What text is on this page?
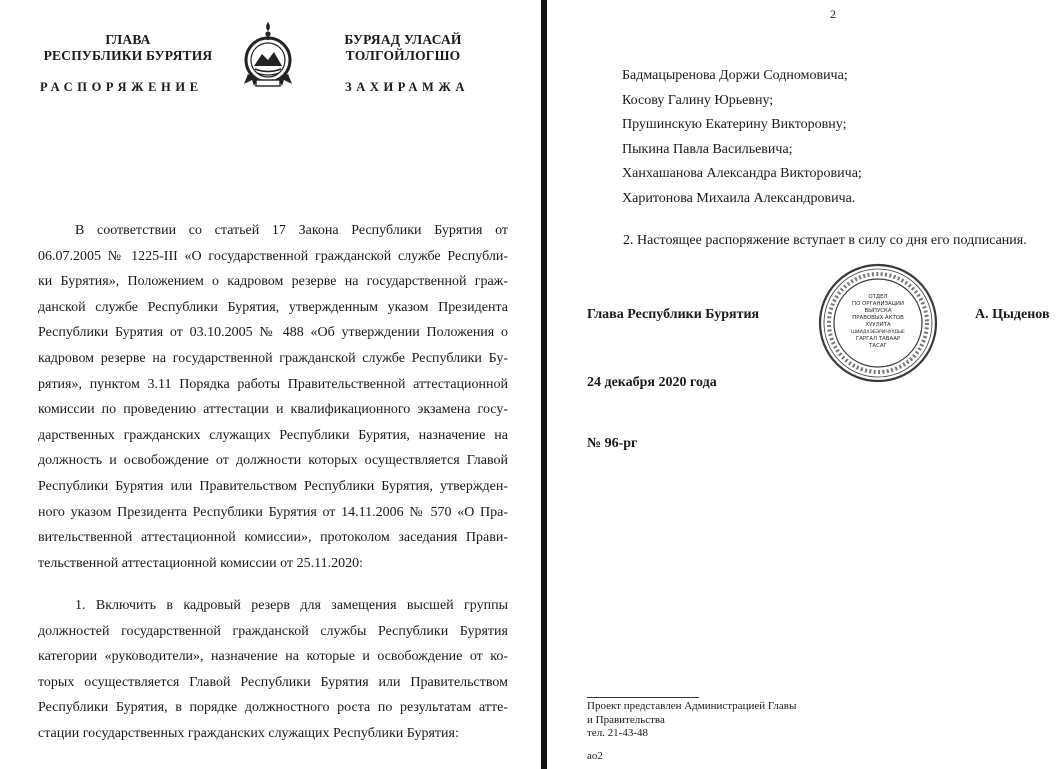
ГЛАВА
РЕСПУБЛИКИ БУРЯТИЯ
БУРЯАД УЛАСАЙ
ТОЛГОЙЛОГШО
РАСПОРЯЖЕНИЕ	ЗАХИРАМЖА
В соответствии со статьей 17 Закона Республики Бурятия от
06.07.2005 № 1225-III «О государственной гражданской службе Республи-
ки Бурятия», Положением о кадровом резерве на государственной граж-
данской службе Республики Бурятия, утвержденным указом Президента
Республики Бурятия от 03.10.2005 № 488 «Об утверждении Положения о
кадровом резерве на государственной гражданской службе Республики Бу-
рятия», пунктом 3.11 Порядка работы Правительственной аттестационной
комиссии по проведению аттестации и квалификационного экзамена госу-
дарственных гражданских служащих Республики Бурятия, назначение на
должность и освобождение от должности которых осуществляется Главой
Республики Бурятия или Правительством Республики Бурятия, утвержден-
ного указом Президента Республики Бурятия от 14.11.2006 № 570 «О Пра-
вительственной аттестационной комиссии», протоколом заседания Прави-
тельственной аттестационной комиссии от 25.11.2020:
1. Включить в кадровый резерв для замещения высшей группы
должностей государственной гражданской службы Республики Бурятия
категории «руководители», назначение на которые и освобождение от ко-
торых осуществляется Главой Республики Бурятия или Правительством
Республики Бурятия, в порядке должностного роста по результатам атте-
стации государственных гражданских служащих Республики Бурятия:
2
Бадмацыренова Доржи Содномовича;
Косову Галину Юрьевну;
Прушинскую Екатерину Викторовну;
Пыкина Павла Васильевича;
Ханхашанова Александра Викторовича;
Харитонова Михаила Александровича.
2. Настоящее распоряжение вступает в силу со дня его подписания.
Глава Республики Бурятия
ОТДЕЛ
ПО ОРГАНИЗАЦИИ
ВЫПУСКА
ПРАВОВЫХ АКТОВ
ХУУЛИТА
ШИИДХЭБЭРИНУУДЫЕ
ГАРГАЛ ТАВААР
ТАСАГ
А. Цыденов
24 декабря 2020 года
№ 96-рг
Проект представлен Администрацией Главы
и Правительства
тел. 21-43-48
ао2
